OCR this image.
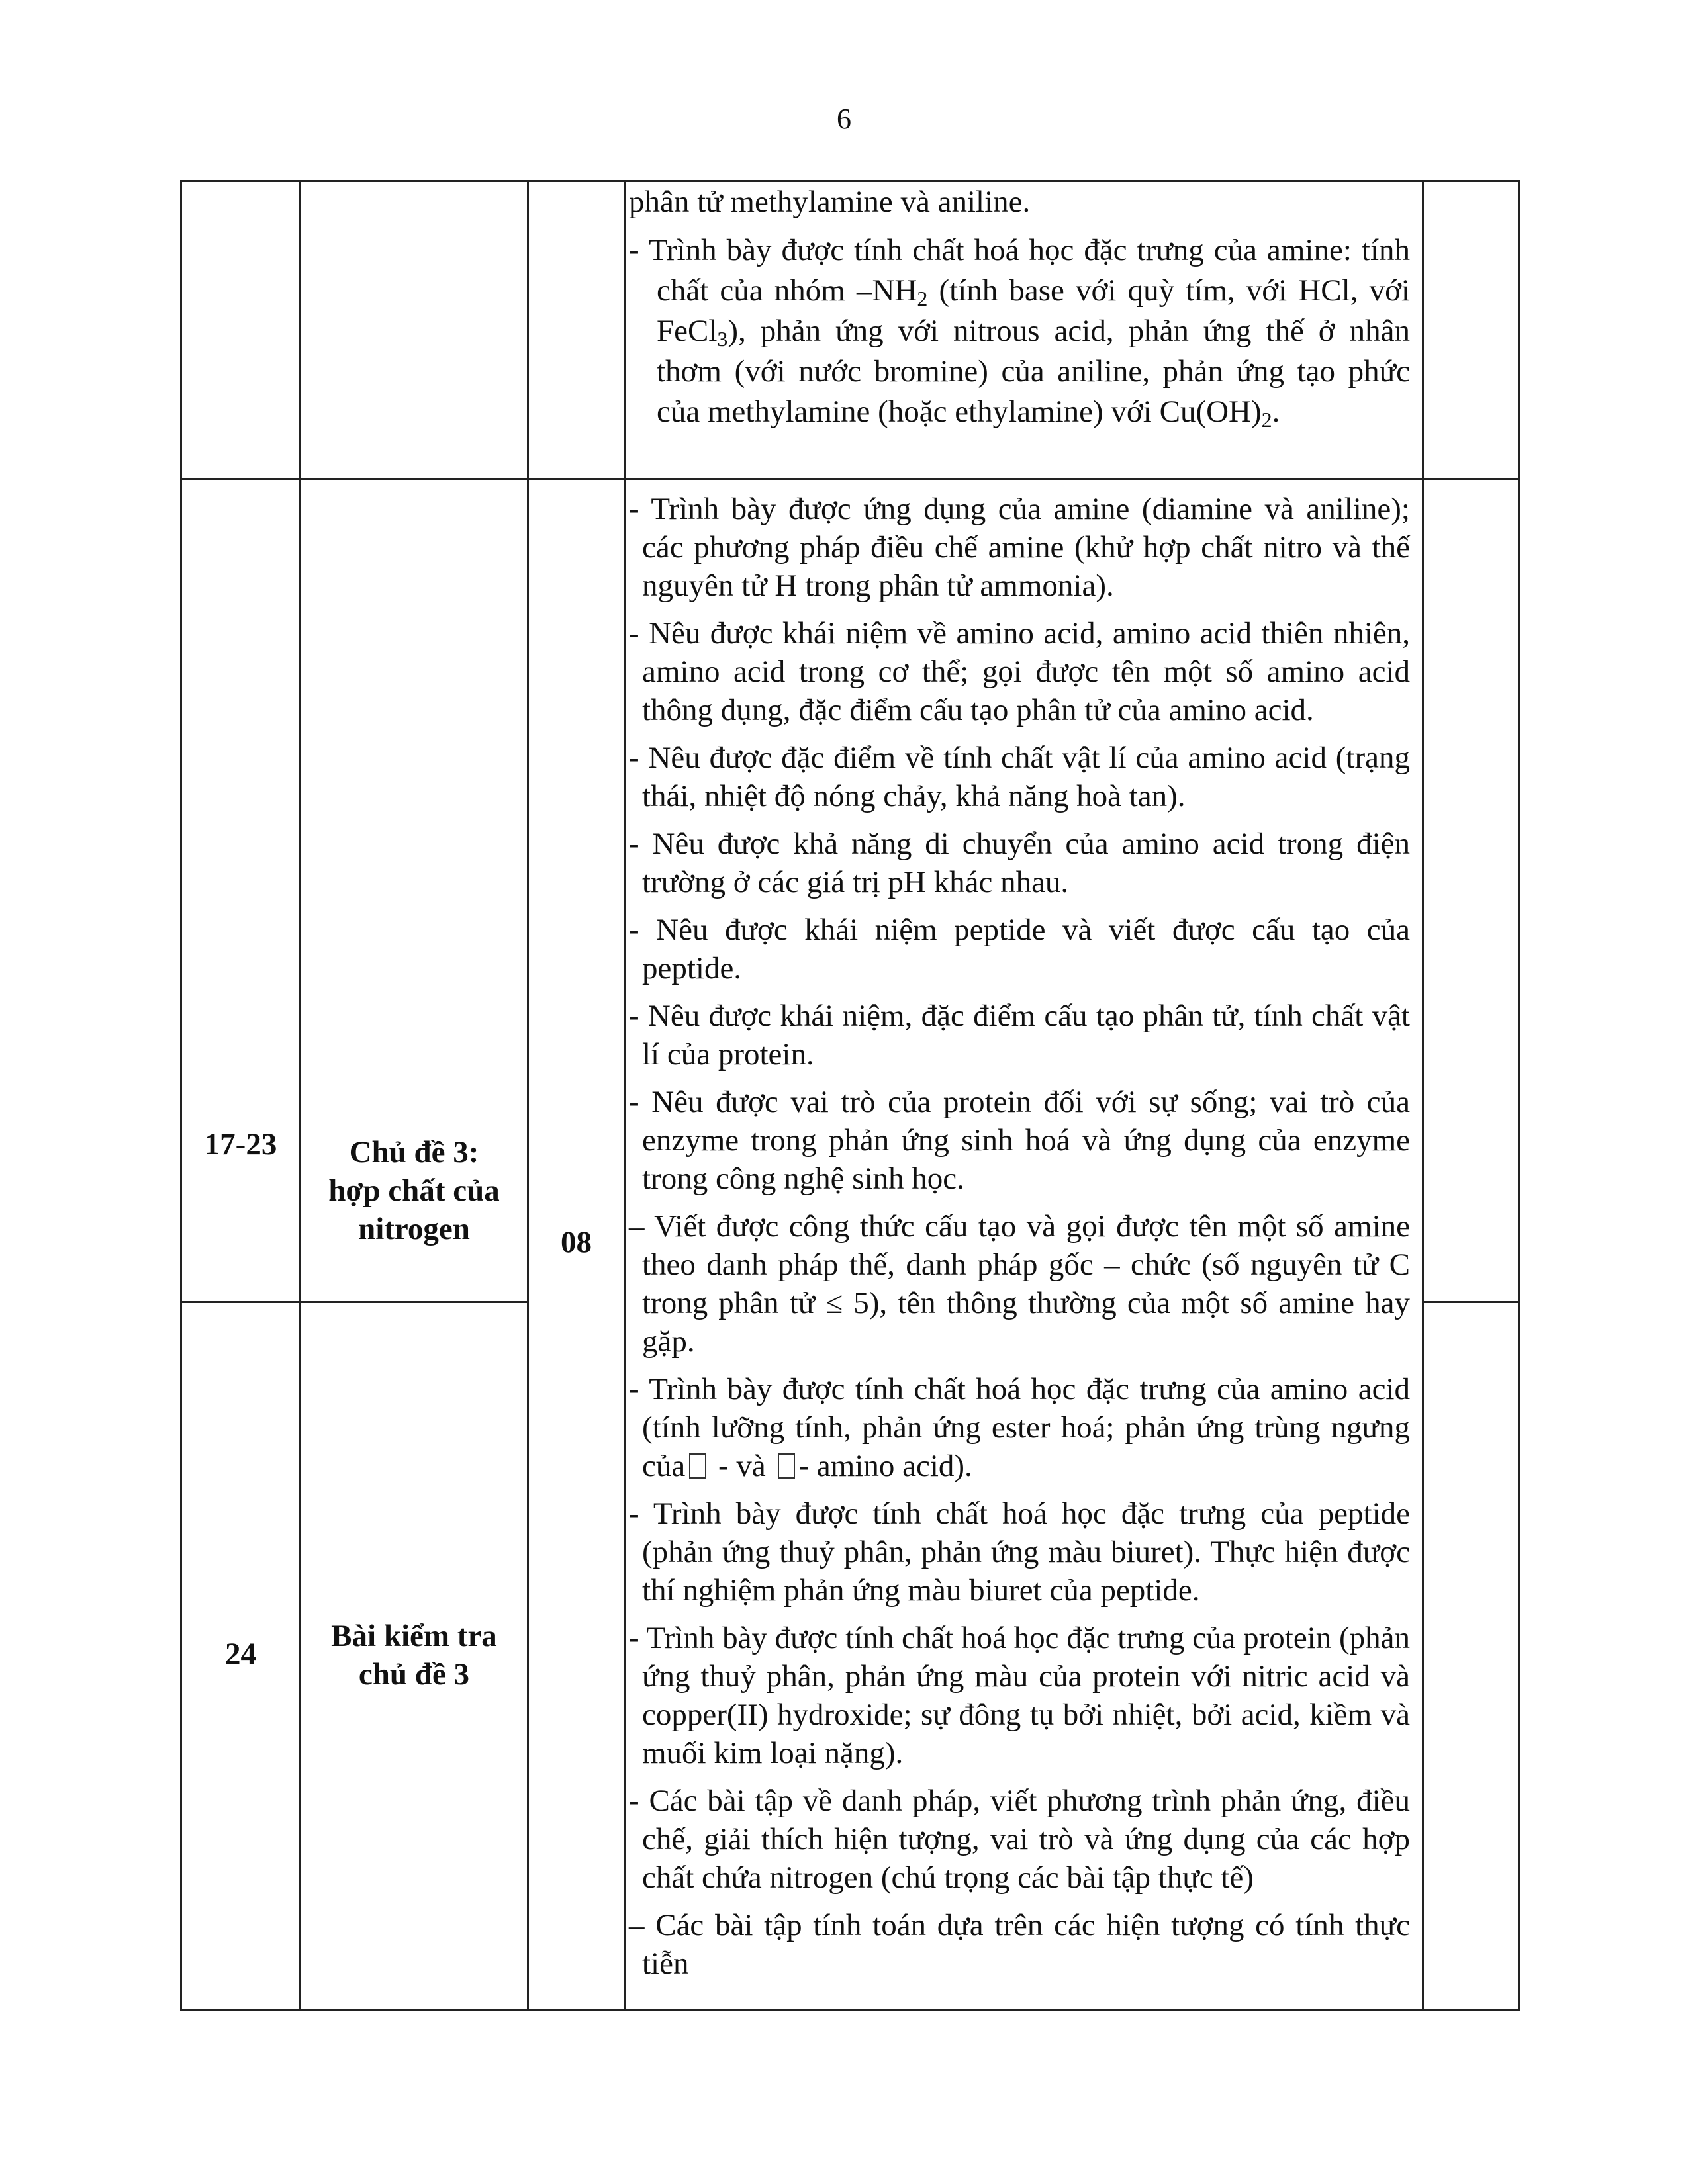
6
17-23	Chủ đề 3:
hợp chất của
nitrogen
24
Bài kiểm tra
chủ đề 3
08

phân tử methylamine và aniline.

- Trình bày được tính chất hoá học đặc trưng của amine: tính chất của nhóm $-NH_2$ (tính base với quỳ tím, với HCl, với FeCl$_3$), phản ứng với nitrous acid, phản ứng thế ở nhân thơm (với nước bromine) của aniline, phản ứng tạo phức của methylamine (hoặc ethylamine) với $Cu(OH)_2$.

- Trình bày được ứng dụng của amine (diamine và aniline); các phương pháp điều chế amine (khử hợp chất nitro và thế nguyên tử H trong phân tử ammonia).

- Nêu được khái niệm về amino acid, amino acid thiên nhiên, amino acid trong cơ thể; gọi được tên một số amino acid thông dụng, đặc điểm cấu tạo phân tử của amino acid.

- Nêu được đặc điểm về tính chất vật lí của amino acid (trạng thái, nhiệt độ nóng chảy, khả năng hoà tan).

- Nêu được khả năng di chuyển của amino acid trong điện trường ở các giá trị pH khác nhau.

- Nêu được khái niệm peptide và viết được cấu tạo của peptide.

- Nêu được khái niệm, đặc điểm cấu tạo phân tử, tính chất vật lí của protein.

- Nêu được vai trò của protein đối với sự sống; vai trò của enzyme trong phản ứng sinh hoá và ứng dụng của enzyme trong công nghệ sinh học.

– Viết được công thức cấu tạo và gọi được tên một số amine theo danh pháp thế, danh pháp gốc – chức (số nguyên tử C trong phân tử ≤ 5), tên thông thường của một số amine hay gặp.

- Trình bày được tính chất hoá học đặc trưng của amino acid (tính lưỡng tính, phản ứng ester hoá; phản ứng trùng ngưng của - và - amino acid).

- Trình bày được tính chất hoá học đặc trưng của peptide (phản ứng thuỷ phân, phản ứng màu biuret). Thực hiện được thí nghiệm phản ứng màu biuret của peptide.

- Trình bày được tính chất hoá học đặc trưng của protein (phản ứng thuỷ phân, phản ứng màu của protein với nitric acid và copper(II) hydroxide; sự đông tụ bởi nhiệt, bởi acid, kiềm và muối kim loại nặng).

- Các bài tập về danh pháp, viết phương trình phản ứng, điều chế, giải thích hiện tượng, vai trò và ứng dụng của các hợp chất chứa nitrogen (chú trọng các bài tập thực tế)

– Các bài tập tính toán dựa trên các hiện tượng có tính thực tiễn
